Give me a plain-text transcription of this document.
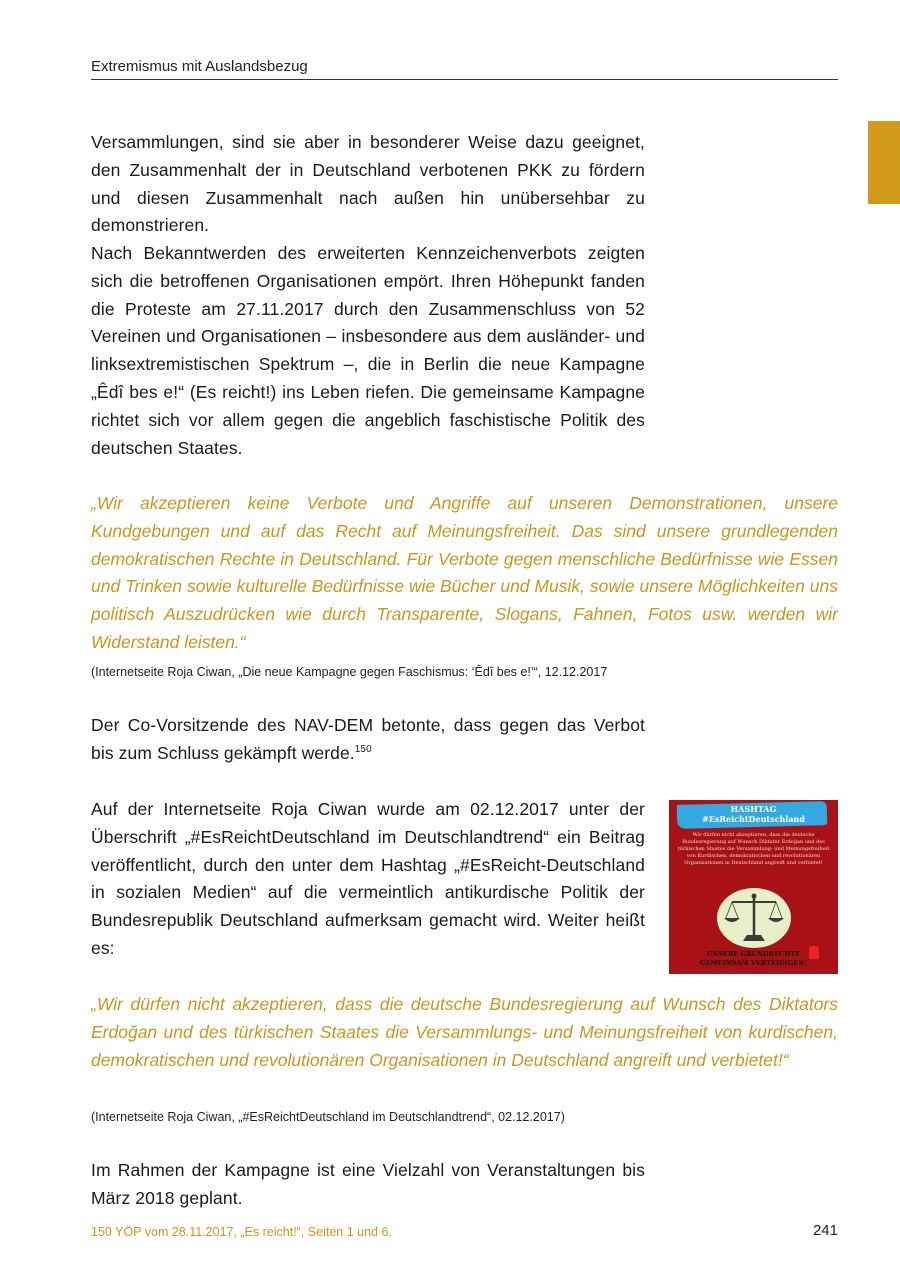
Extremismus mit Auslandsbezug

Versammlungen, sind sie aber in besonderer Weise dazu geeignet, den Zusammenhalt der in Deutschland verbotenen PKK zu fördern und diesen Zusammenhalt nach außen hin unübersehbar zu demonstrieren.

Nach Bekanntwerden des erweiterten Kennzeichenverbots zeigten sich die betroffenen Organisationen empört. Ihren Höhepunkt fanden die Proteste am 27.11.2017 durch den Zusammenschluss von 52 Vereinen und Organisationen – insbesondere aus dem ausländer- und linksextremistischen Spektrum –, die in Berlin die neue Kampagne „Êdî bes e!“ (Es reicht!) ins Leben riefen. Die gemeinsame Kampagne richtet sich vor allem gegen die angeblich faschistische Politik des deutschen Staates.

„Wir akzeptieren keine Verbote und Angriffe auf unseren Demonstrationen, unsere Kundgebungen und auf das Recht auf Meinungsfreiheit. Das sind unsere grundlegenden demokratischen Rechte in Deutschland. Für Verbote gegen menschliche Bedürfnisse wie Essen und Trinken sowie kulturelle Bedürfnisse wie Bücher und Musik, sowie unsere Möglichkeiten uns politisch Auszudrücken wie durch Transparente, Slogans, Fahnen, Fotos usw. werden wir Widerstand leisten.“

(Internetseite Roja Ciwan, „Die neue Kampagne gegen Faschismus: ‘Êdî bes e!’“, 12.12.2017

Der Co-Vorsitzende des NAV-DEM betonte, dass gegen das Verbot bis zum Schluss gekämpft werde.$^{150}$

Auf der Internetseite Roja Ciwan wurde am 02.12.2017 unter der Überschrift „#EsReichtDeutschland im Deutschlandtrend“ ein Beitrag veröffentlicht, durch den unter dem Hashtag „#EsReicht-Deutschland in sozialen Medien“ auf die vermeintlich antikurdische Politik der Bundesrepublik Deutschland aufmerksam gemacht wird. Weiter heißt es:

HASHTAG
#EsReichtDeutschland
Wir dürfen nicht akzeptieren, dass die deutsche Bundesregierung auf Wunsch Diktator Erdoğan und des türkischen Staates die Versammlung- und Meinungsfreiheit von Kurdischen, demokratischen und revolutionären Organisationen in Deutschland angreift und verbietet!
UNSERE GRUNDRECHTE
GEMEINSAM VERTEIDIGEN!

„Wir dürfen nicht akzeptieren, dass die deutsche Bundesregierung auf Wunsch des Diktators Erdoğan und des türkischen Staates die Versammlungs- und Meinungsfreiheit von kurdischen, demokratischen und revolutionären Organisationen in Deutschland angreift und verbietet!“

(Internetseite Roja Ciwan, „#EsReichtDeutschland im Deutschlandtrend“, 02.12.2017)

Im Rahmen der Kampagne ist eine Vielzahl von Veranstaltungen bis März 2018 geplant.

150 YÖP vom 28.11.2017, „Es reicht!“, Seiten 1 und 6.	241
